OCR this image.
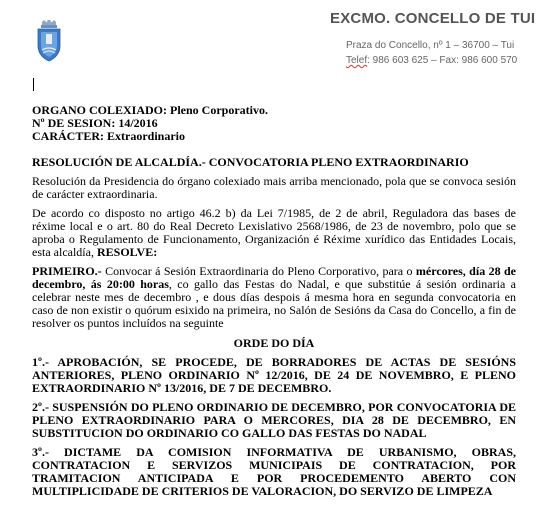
EXCMO. CONCELLO DE TUI
Praza do Concello, nº 1 – 36700 – Tui
Telef: 986 603 625 – Fax: 986 600 570
ORGANO COLEXIADO: Pleno Corporativo.
Nº DE SESION: 14/2016
CARÁCTER: Extraordinario
RESOLUCIÓN DE ALCALDÍA.- CONVOCATORIA PLENO EXTRAORDINARIO

Resolución da Presidencia do órgano colexiado mais arriba mencionado, pola que se convoca sesión de carácter extraordinaria.

De acordo co disposto no artigo 46.2 b) da Lei 7/1985, de 2 de abril, Reguladora das bases de réxime local e o art. 80 do Real Decreto Lexislativo 2568/1986, de 23 de novembro, polo que se aproba o Regulamento de Funcionamento, Organización é Réxime xurídico das Entidades Locais, esta alcaldía, RESOLVE:

PRIMEIRO.- Convocar á Sesión Extraordinaria do Pleno Corporativo, para o mércores, día 28 de decembro, ás 20:00 horas, co gallo das Festas do Nadal, e que substitúe á sesión ordinaria a celebrar neste mes de decembro , e dous días despois á mesma hora en segunda convocatoria en caso de non existir o quórum esixido na primeira, no Salón de Sesións da Casa do Concello, a fin de resolver os puntos incluídos na seguinte

ORDE DO DÍA
1º.- APROBACIÓN, SE PROCEDE, DE BORRADORES DE ACTAS DE SESIÓNS ANTERIORES, PLENO ORDINARIO Nº 12/2016, DE 24 DE NOVEMBRO, E PLENO EXTRAORDINARIO Nº 13/2016, DE 7 DE DECEMBRO.
2º.- SUSPENSIÓN DO PLENO ORDINARIO DE DECEMBRO, POR CONVOCATORIA DE PLENO EXTRAORDINARIO PARA O MERCORES, DIA 28 DE DECEMBRO, EN SUBSTITUCION DO ORDINARIO CO GALLO DAS FESTAS DO NADAL
3º.- DICTAME DA COMISION INFORMATIVA DE URBANISMO, OBRAS, CONTRATACION E SERVIZOS MUNICIPAIS DE CONTRATACION, POR TRAMITACION ANTICIPADA E POR PROCEDEMENTO ABERTO CON MULTIPLICIDADE DE CRITERIOS DE VALORACION, DO SERVIZO DE LIMPEZA
